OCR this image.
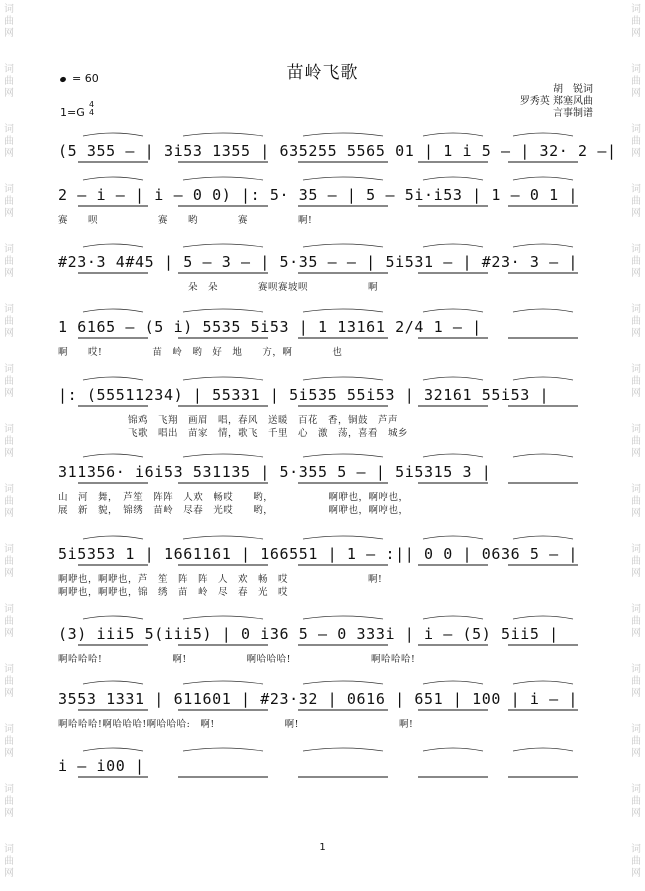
词
曲
网
词
曲
网
词
曲
网
词
曲
网
词
曲
网
词
曲
网
词
曲
网
词
曲
网
词
曲
网
词
曲
网
词
曲
网
词
曲
网
词
曲
网
词
曲
网
词
曲
网
词
曲
网
词
曲
网
词
曲
网
词
曲
网
词
曲
网
词
曲
网
词
曲
网
词
曲
网
词
曲
网
词
曲
网
词
曲
网
词
曲
网
词
曲
网
词
曲
网
词
曲
网
苗岭飞歌
= 60
1=G
4
4
胡　锐词
罗秀英 郑塞风曲
言事制谱
(5 355 – | 3i53 1355 | 635255 5565 01 | 1 i 5 – | 32· 2 –|
2 – i – | i – 0 0) |: 5· 35 – | 5 – 5i·i53 | 1 – 0 1 |
赛　　呗　　　　　　赛　　哟　　　　赛　　　　　啊!
#23·3 4#45 | 5 – 3 – | 5·35 – – | 5i531 – | #23· 3 – |
　　　　　　　　　　　　　朵　朵　　　　赛呗赛坡呗　　　　　　啊
1 6165 – (5 i) 5535 5i53 | 1 13161 2/4 1 – |
啊　　哎!　　　　　苗　岭　哟　好　地　　方，啊　　　　也
|: (55511234) | 55331 | 5i535 55i53 | 32161 55i53 |
　　　　　　　锦鸡　飞翔　画眉　唱，春风　送暖　百花　香，铜鼓　芦声
　　　　　　　飞歌　唱出　苗家　情，歌飞　千里　心　激　荡，喜看　城乡
311356· i6i53 531135 | 5·355 5 – | 5i5315 3 |
山　河　舞，　芦笙　阵阵　人欢　畅哎　　哟，　　　　　　啊咿也，啊哼也，
展　新　貌，　锦绣　苗岭　尽春　光哎　　哟，　　　　　　啊咿也，啊哼也，
5i5353 1 | 1661161 | 166551 | 1 – :|| 0 0 | 0636 5 – |
啊咿也，啊咿也，芦　笙　阵　阵　人　欢　畅　哎　　　　　　　　啊!
啊咿也，啊咿也，锦　绣　苗　岭　尽　春　光　哎
(3) iii5 5(iii5) | 0 i36 5 – 0 333i | i – (5) 5ii5 |
啊哈哈哈!　　　　　　　啊!　　　　　　啊哈哈哈!　　　　　　　　啊哈哈哈!
3553 1331 | 611601 | #23·32 | 0616 | 651 | 100 | i – |
啊哈哈哈!啊哈哈哈!啊哈哈哈:　啊!　　　　　　　啊!　　　　　　　　　　啊!
i – i00 |
1
